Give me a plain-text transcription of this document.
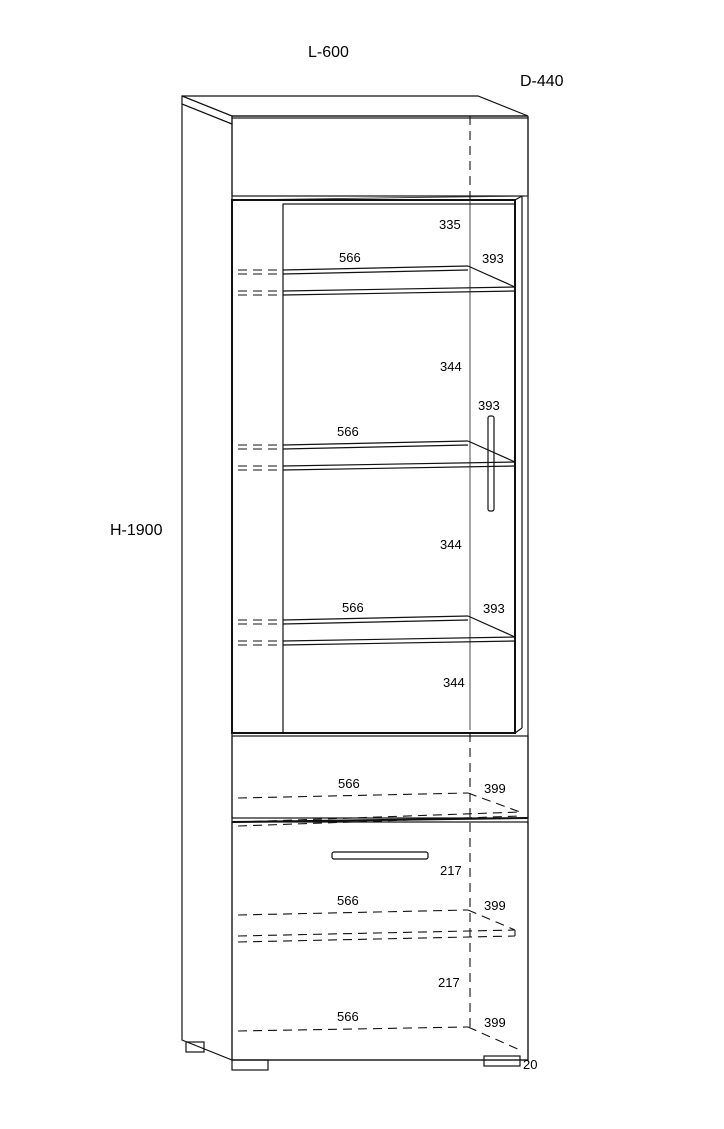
L-600
D-440
H-1900
335
566	393
344
393
566
344
566	393
344
566	399
217
566	399
217
566	399
20
